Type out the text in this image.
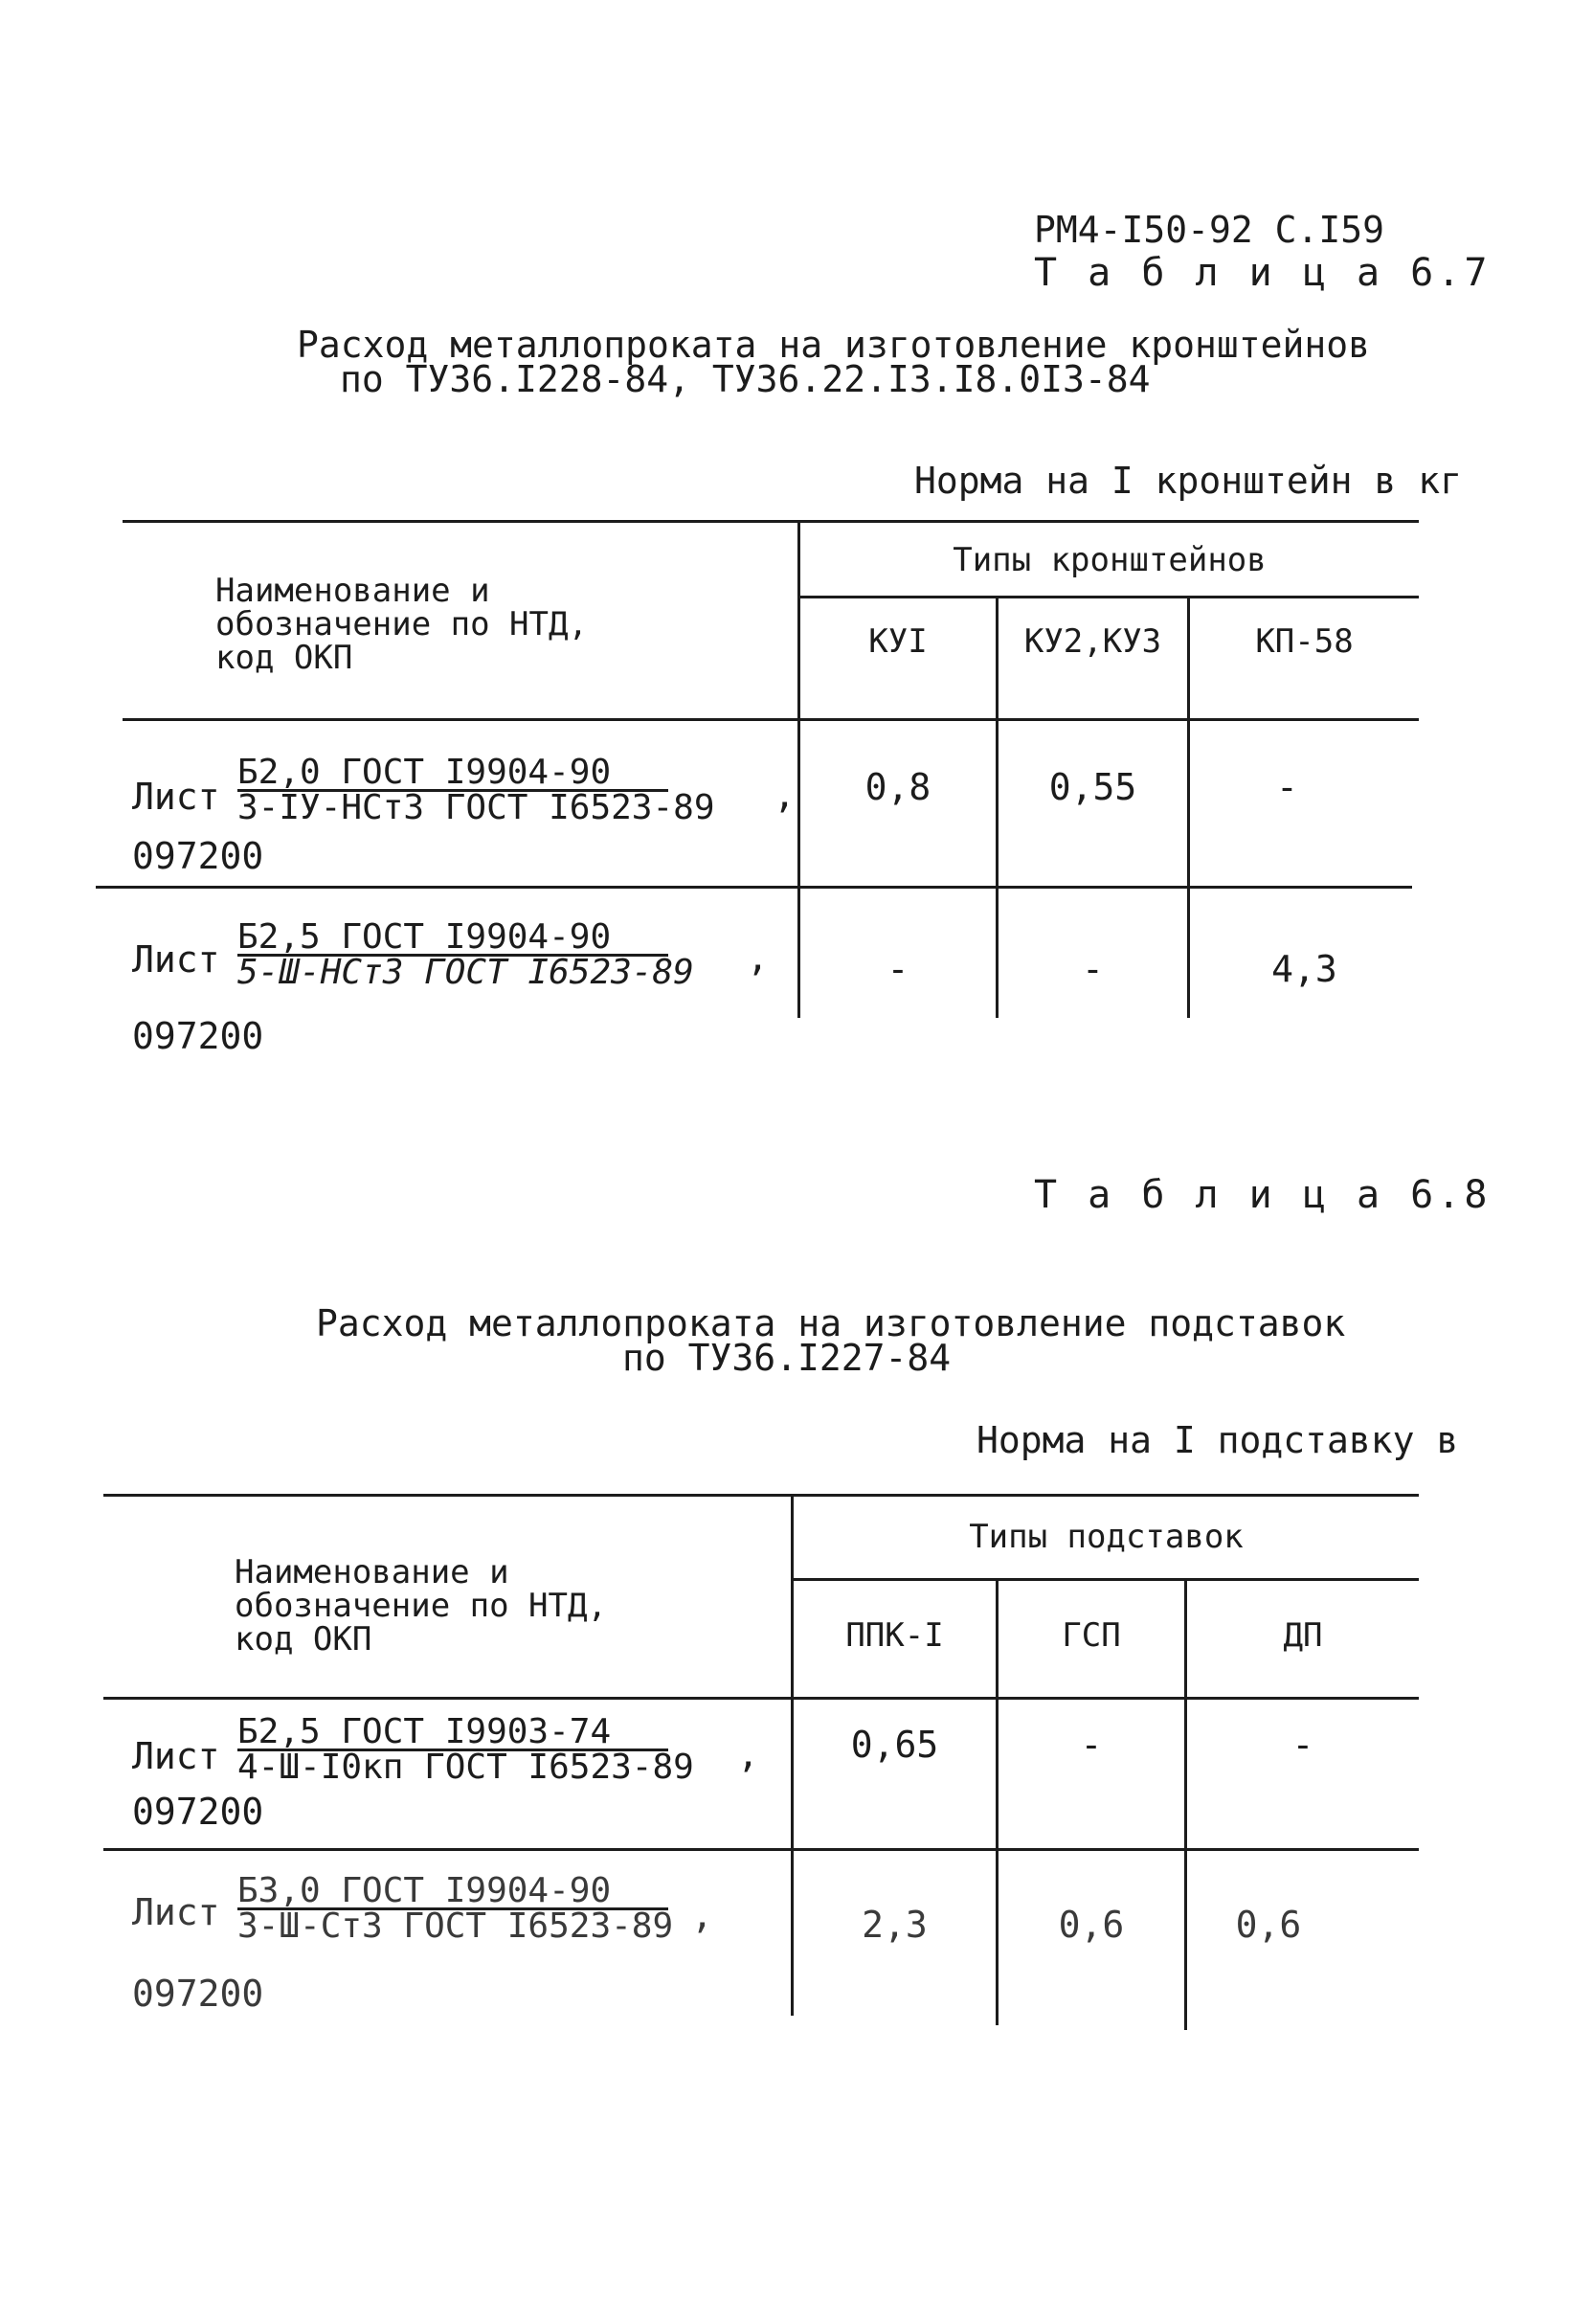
РМ4-I50-92 С.I59
Т а б л и ц а 6.7
Расход металлопроката на изготовление кронштейнов
по ТУ36.I228-84, ТУ36.22.I3.I8.0I3-84
Норма на I кронштейн в кг
Наименование и
обозначение по НТД,
код ОКП
Типы кронштейнов
КУI	КУ2,КУ3	КП-58
Лист
Б2,0 ГОСТ I9904-90
3-IУ-НСт3 ГОСТ I6523-89 ,
097200
0,8	0,55	-
Лист
Б2,5 ГОСТ I9904-90
5-Ш-НСт3 ГОСТ I6523-89 ,
097200
-	-	4,3
Т а б л и ц а 6.8
Расход металлопроката на изготовление подставок
по ТУ36.I227-84
Норма на I подставку в
Наименование и
обозначение по НТД,
код ОКП
Типы подставок
ППК-I	ГСП	ДП
Лист
Б2,5 ГОСТ I9903-74
4-Ш-I0кп ГОСТ I6523-89 ,
097200
0,65	-	-
Лист
Б3,0 ГОСТ I9904-90
3-Ш-Ст3 ГОСТ I6523-89 ,
097200
2,3	0,6	0,6
